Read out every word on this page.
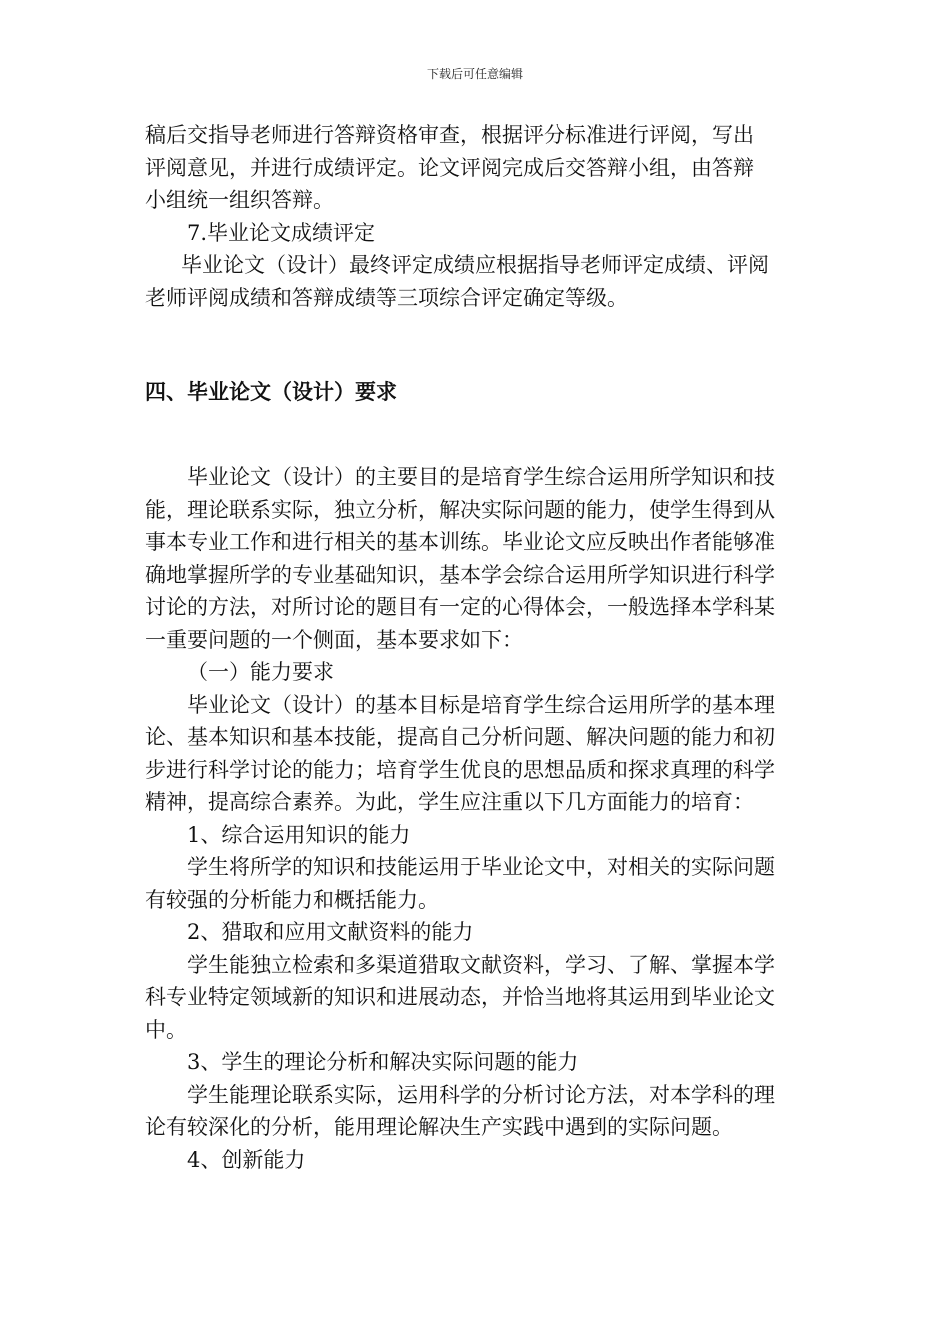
下载后可任意编辑
稿后交指导老师进行答辩资格审查，根据评分标准进行评阅，写出
评阅意见，并进行成绩评定。论文评阅完成后交答辩小组，由答辩
小组统一组织答辩。
7.毕业论文成绩评定
毕业论文（设计）最终评定成绩应根据指导老师评定成绩、评阅
老师评阅成绩和答辩成绩等三项综合评定确定等级。
四、毕业论文（设计）要求
毕业论文（设计）的主要目的是培育学生综合运用所学知识和技
能，理论联系实际，独立分析，解决实际问题的能力，使学生得到从
事本专业工作和进行相关的基本训练。毕业论文应反映出作者能够准
确地掌握所学的专业基础知识，基本学会综合运用所学知识进行科学
讨论的方法，对所讨论的题目有一定的心得体会，一般选择本学科某
一重要问题的一个侧面，基本要求如下：
（一）能力要求
毕业论文（设计）的基本目标是培育学生综合运用所学的基本理
论、基本知识和基本技能，提高自己分析问题、解决问题的能力和初
步进行科学讨论的能力；培育学生优良的思想品质和探求真理的科学
精神，提高综合素养。为此，学生应注重以下几方面能力的培育：
1、综合运用知识的能力
学生将所学的知识和技能运用于毕业论文中，对相关的实际问题
有较强的分析能力和概括能力。
2、猎取和应用文献资料的能力
学生能独立检索和多渠道猎取文献资料，学习、了解、掌握本学
科专业特定领域新的知识和进展动态，并恰当地将其运用到毕业论文
中。
3、学生的理论分析和解决实际问题的能力
学生能理论联系实际，运用科学的分析讨论方法，对本学科的理
论有较深化的分析，能用理论解决生产实践中遇到的实际问题。
4、创新能力
